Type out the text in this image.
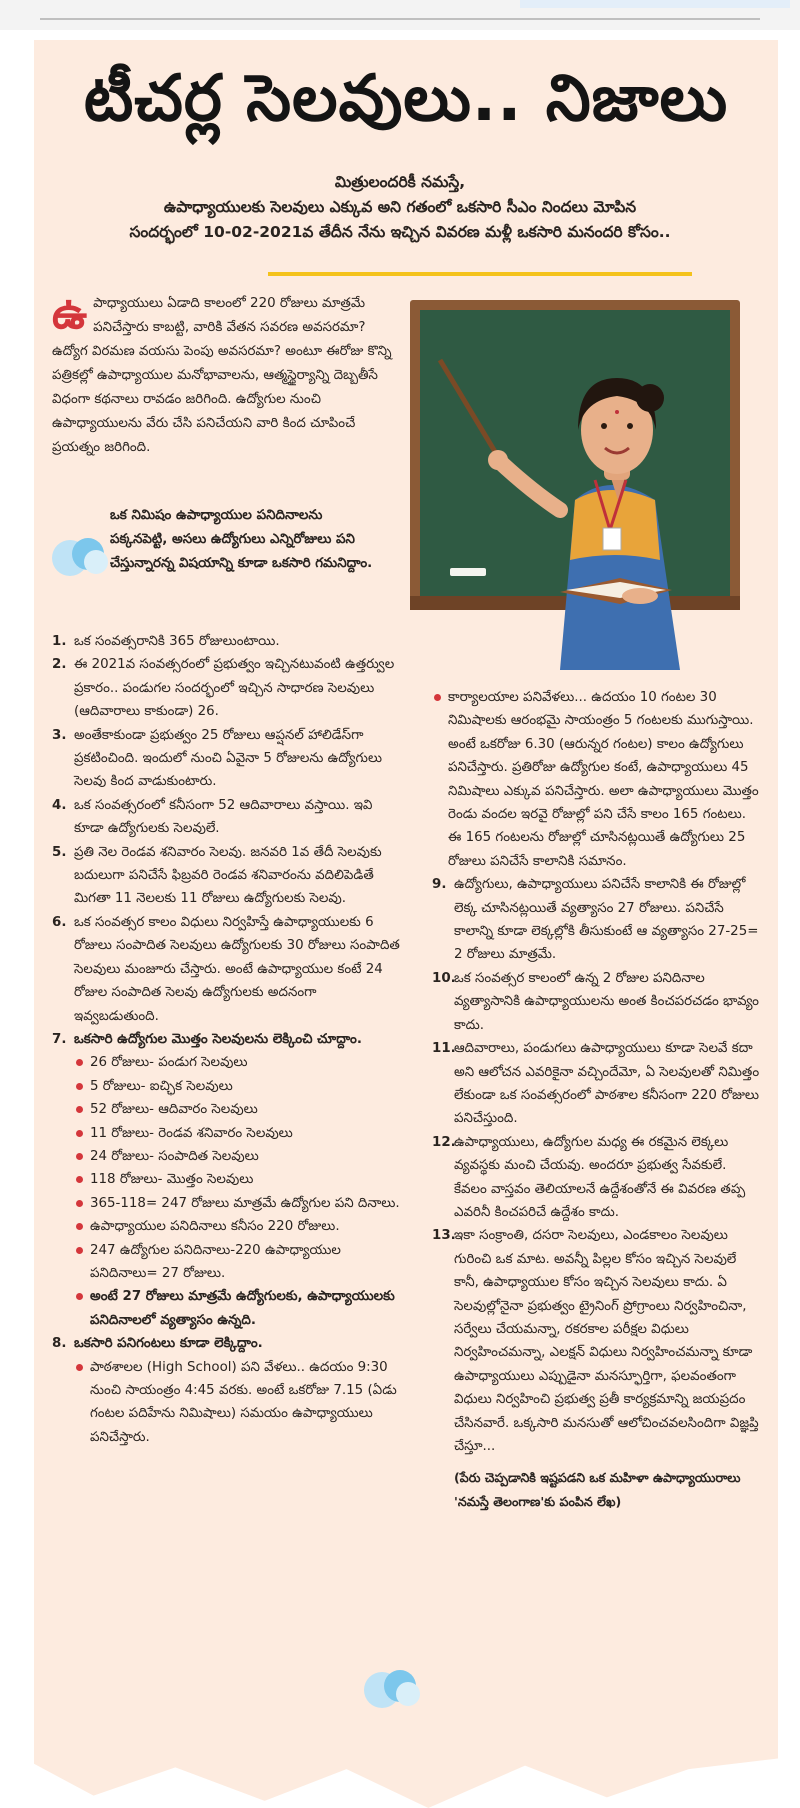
టీచర్ల సెలవులు.. నిజాలు
మిత్రులందరికీ నమస్తే,
ఉపాధ్యాయులకు సెలవులు ఎక్కువ అని గతంలో ఒకసారి సీఎం నిందలు మోపిన
సందర్భంలో 10-02-2021వ తేదీన నేను ఇచ్చిన వివరణ మళ్లీ ఒకసారి మనందరి కోసం..
ఉ పాధ్యాయులు ఏడాది కాలంలో 220 రోజులు మాత్రమే పనిచేస్తారు కాబట్టి, వారికి వేతన సవరణ అవసరమా? ఉద్యోగ విరమణ వయసు పెంపు అవసరమా? అంటూ ఈరోజు కొన్ని పత్రికల్లో ఉపాధ్యాయుల మనోభావాలను, ఆత్మస్థైర్యాన్ని దెబ్బతీసే విధంగా కథనాలు రావడం జరిగింది. ఉద్యోగుల నుంచి ఉపాధ్యాయులను వేరు చేసి పనిచేయని వారి కింద చూపించే ప్రయత్నం జరిగింది.
ఒక నిమిషం ఉపాధ్యాయుల పనిదినాలను పక్కనపెట్టి, అసలు ఉద్యోగులు ఎన్నిరోజులు పని చేస్తున్నారన్న విషయాన్ని కూడా ఒకసారి గమనిద్దాం.
1. ఒక సంవత్సరానికి 365 రోజులుంటాయి.
2. ఈ 2021వ సంవత్సరంలో ప్రభుత్వం ఇచ్చినటువంటి ఉత్తర్వుల ప్రకారం.. పండుగల సందర్భంలో ఇచ్చిన సాధారణ సెలవులు (ఆదివారాలు కాకుండా) 26.
3. అంతేకాకుండా ప్రభుత్వం 25 రోజులు ఆప్షనల్ హాలిడేస్‌గా ప్రకటించింది. ఇందులో నుంచి ఏవైనా 5 రోజులను ఉద్యోగులు సెలవు కింద వాడుకుంటారు.
4. ఒక సంవత్సరంలో కనీసంగా 52 ఆదివారాలు వస్తాయి. ఇవి కూడా ఉద్యోగులకు సెలవులే.
5. ప్రతి నెల రెండవ శనివారం సెలవు. జనవరి 1వ తేదీ సెలవుకు బదులుగా పనిచేసే ఫిబ్రవరి రెండవ శనివారంను వదిలిపెడితే మిగతా 11 నెలలకు 11 రోజులు ఉద్యోగులకు సెలవు.
6. ఒక సంవత్సర కాలం విధులు నిర్వహిస్తే ఉపాధ్యాయులకు 6 రోజులు సంపాదిత సెలవులు ఉద్యోగులకు 30 రోజులు సంపాదిత సెలవులు మంజూరు చేస్తారు. అంటే ఉపాధ్యాయుల కంటే 24 రోజుల సంపాదిత సెలవు ఉద్యోగులకు అదనంగా ఇవ్వబడుతుంది.
7. ఒకసారి ఉద్యోగుల మొత్తం సెలవులను లెక్కించి చూద్దాం.
26 రోజులు- పండుగ సెలవులు
5 రోజులు- ఐచ్ఛిక సెలవులు
52 రోజులు- ఆదివారం సెలవులు
11 రోజులు- రెండవ శనివారం సెలవులు
24 రోజులు- సంపాదిత సెలవులు
118 రోజులు- మొత్తం సెలవులు
365-118= 247 రోజులు మాత్రమే ఉద్యోగుల పని దినాలు.
ఉపాధ్యాయుల పనిదినాలు కనీసం 220 రోజులు.
247 ఉద్యోగుల పనిదినాలు-220 ఉపాధ్యాయుల పనిదినాలు= 27 రోజులు.
అంటే 27 రోజులు మాత్రమే ఉద్యోగులకు, ఉపాధ్యాయులకు పనిదినాలలో వ్యత్యాసం ఉన్నది.
8. ఒకసారి పనిగంటలు కూడా లెక్కిద్దాం.
పాఠశాలల (High School) పని వేళలు.. ఉదయం 9:30 నుంచి సాయంత్రం 4:45 వరకు. అంటే ఒకరోజు 7.15 (ఏడు గంటల పదిహేను నిమిషాలు) సమయం ఉపాధ్యాయులు పనిచేస్తారు.
కార్యాలయాల పనివేళలు... ఉదయం 10 గంటల 30 నిమిషాలకు ఆరంభమై సాయంత్రం 5 గంటలకు ముగుస్తాయి. అంటే ఒకరోజు 6.30 (ఆరున్నర గంటల) కాలం ఉద్యోగులు పనిచేస్తారు. ప్రతిరోజు ఉద్యోగుల కంటే, ఉపాధ్యాయులు 45 నిమిషాలు ఎక్కువ పనిచేస్తారు. అలా ఉపాధ్యాయులు మొత్తం రెండు వందల ఇరవై రోజుల్లో పని చేసే కాలం 165 గంటలు. ఈ 165 గంటలను రోజుల్లో చూసినట్లయితే ఉద్యోగులు 25 రోజులు పనిచేసే కాలానికి సమానం.
9. ఉద్యోగులు, ఉపాధ్యాయులు పనిచేసే కాలానికి ఈ రోజుల్లో లెక్క చూసినట్లయితే వ్యత్యాసం 27 రోజులు. పనిచేసే కాలాన్ని కూడా లెక్కల్లోకి తీసుకుంటే ఆ వ్యత్యాసం 27-25= 2 రోజులు మాత్రమే.
10.
ఒక సంవత్సర కాలంలో ఉన్న 2 రోజుల పనిదినాల వ్యత్యాసానికి ఉపాధ్యాయులను అంత కించపరచడం భావ్యం కాదు.
11.
ఆదివారాలు, పండుగలు ఉపాధ్యాయులు కూడా సెలవే కదా అని ఆలోచన ఎవరికైనా వచ్చిందేమో, ఏ సెలవులతో నిమిత్తం లేకుండా ఒక సంవత్సరంలో పాఠశాల కనీసంగా 220 రోజులు పనిచేస్తుంది.
12.
ఉపాధ్యాయులు, ఉద్యోగుల మధ్య ఈ రకమైన లెక్కలు వ్యవస్థకు మంచి చేయవు. అందరూ ప్రభుత్వ సేవకులే. కేవలం వాస్తవం తెలియాలనే ఉద్దేశంతోనే ఈ వివరణ తప్ప ఎవరినీ కించపరిచే ఉద్దేశం కాదు.
13.
ఇకా సంక్రాంతి, దసరా సెలవులు, ఎండకాలం సెలవులు గురించి ఒక మాట. అవన్నీ పిల్లల కోసం ఇచ్చిన సెలవులే కానీ, ఉపాధ్యాయుల కోసం ఇచ్చిన సెలవులు కాదు. ఏ సెలవుల్లోనైనా ప్రభుత్వం ట్రైనింగ్ ప్రోగ్రాంలు నిర్వహించినా, సర్వేలు చేయమన్నా, రకరకాల పరీక్షల విధులు నిర్వహించమన్నా, ఎలక్షన్ విధులు నిర్వహించమన్నా కూడా ఉపాధ్యాయులు ఎప్పుడైనా మనస్ఫూర్తిగా, ఫలవంతంగా విధులు నిర్వహించి ప్రభుత్వ ప్రతీ కార్యక్రమాన్ని జయప్రదం చేసినవారే. ఒక్కసారి మనసుతో ఆలోచించవలసిందిగా విజ్ఞప్తి చేస్తూ...
(పేరు చెప్పడానికి ఇష్టపడని ఒక మహిళా ఉపాధ్యాయురాలు 'నమస్తే తెలంగాణ'కు పంపిన లేఖ)
